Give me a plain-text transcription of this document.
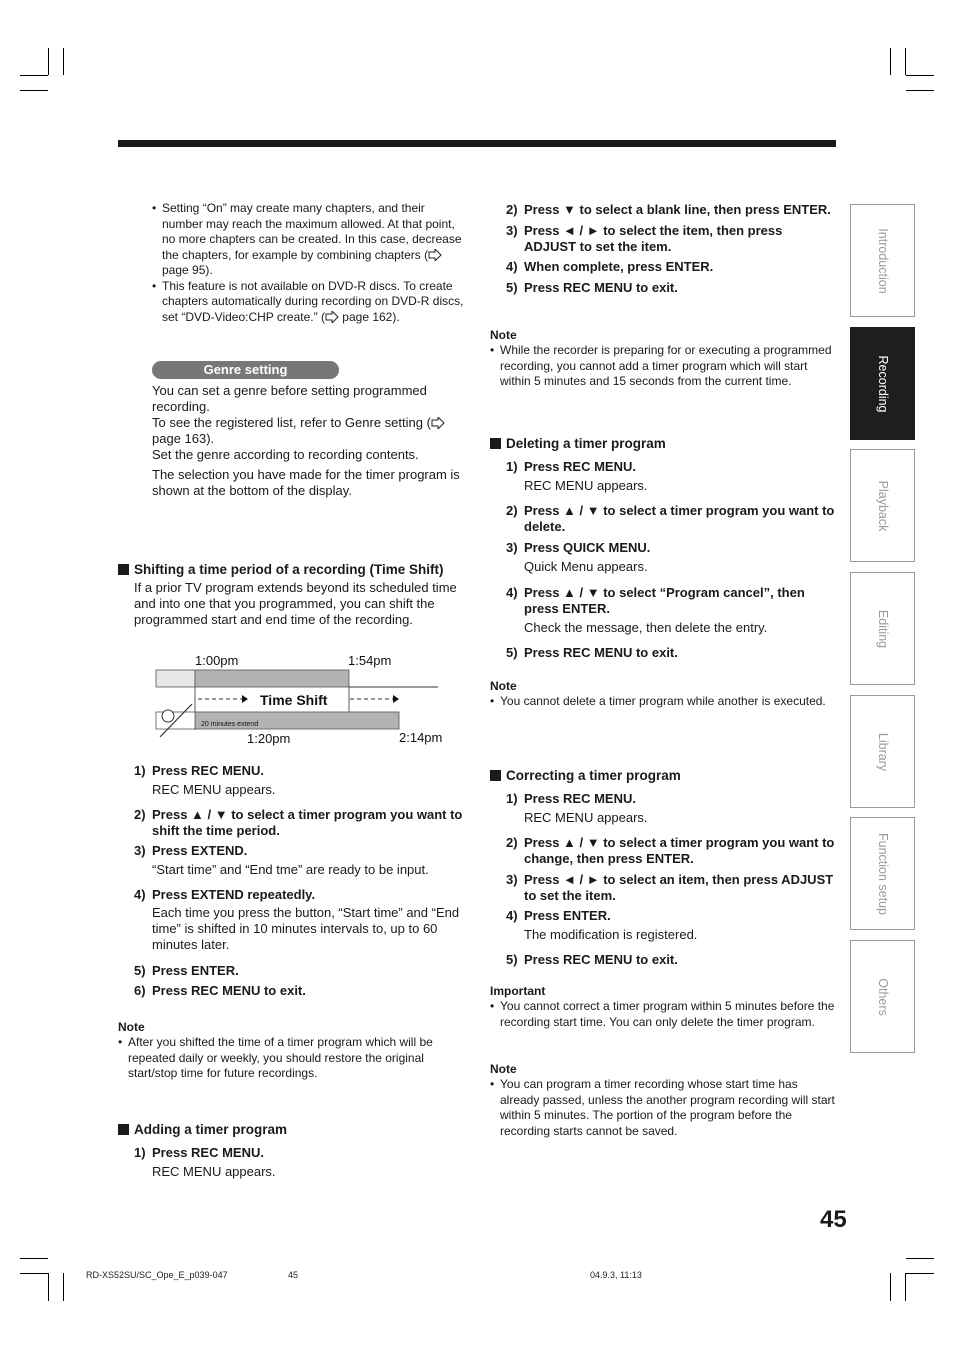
• Setting “On” may create many chapters, and their number may reach the maximum allowed. At that point, no more chapters can be created. In this case, decrease the chapters, for example by combining chapters ( page 95).
• This feature is not available on DVD-R discs. To create chapters automatically during recording on DVD-R discs, set “DVD-Video:CHP create.” ( page 162).
Genre setting
You can set a genre before setting programmed recording.
To see the registered list, refer to Genre setting ( page 163).
Set the genre according to recording contents.
The selection you have made for the timer program is shown at the bottom of the display.
Shifting a time period of a recording (Time Shift)
If a prior TV program extends beyond its scheduled time and into one that you programmed, you can shift the programmed start and end time of the recording.
1:00pm	1:54pm
Time Shift
20 minutes extend
1:20pm	2:14pm
1) Press REC MENU.
REC MENU appears.
2) Press ▲ / ▼ to select a timer program you want to shift the time period.
3) Press EXTEND.
“Start time” and “End tme” are ready to be input.
4) Press EXTEND repeatedly.
Each time you press the button, “Start time” and “End time” is shifted in 10 minutes intervals to, up to 60 minutes later.
5) Press ENTER.
6) Press REC MENU to exit.
Note
• After you shifted the time of a timer program which will be repeated daily or weekly, you should restore the original start/stop time for future recordings.
Adding a timer program
1) Press REC MENU.
REC MENU appears.
2) Press ▼ to select a blank line, then press ENTER.
3) Press ◄ / ► to select the item, then press ADJUST to set the item.
4) When complete, press ENTER.
5) Press REC MENU to exit.
Note
• While the recorder is preparing for or executing a programmed recording, you cannot add a timer program which will start within 5 minutes and 15 seconds from the current time.
Deleting a timer program
1) Press REC MENU.
REC MENU appears.
2) Press ▲ / ▼ to select a timer program you want to delete.
3) Press QUICK MENU.
Quick Menu appears.
4) Press ▲ / ▼ to select “Program cancel”, then press ENTER.
Check the message, then delete the entry.
5) Press REC MENU to exit.
Note
• You cannot delete a timer program while another is executed.
Correcting a timer program
1) Press REC MENU.
REC MENU appears.
2) Press ▲ / ▼ to select a timer program you want to change, then press ENTER.
3) Press ◄ / ► to select an item, then press ADJUST to set the item.
4) Press ENTER.
The modification is registered.
5) Press REC MENU to exit.
Important
• You cannot correct a timer program within 5 minutes before the recording start time. You can only delete the timer program.
Note
• You can program a timer recording whose start time has already passed, unless the another program recording will start within 5 minutes. The portion of the program before the recording starts cannot be saved.
Introduction
Recording
Playback
Editing
Library
Function setup
Others
45
RD-XS52SU/SC_Ope_E_p039-047	45	04.9.3, 11:13
